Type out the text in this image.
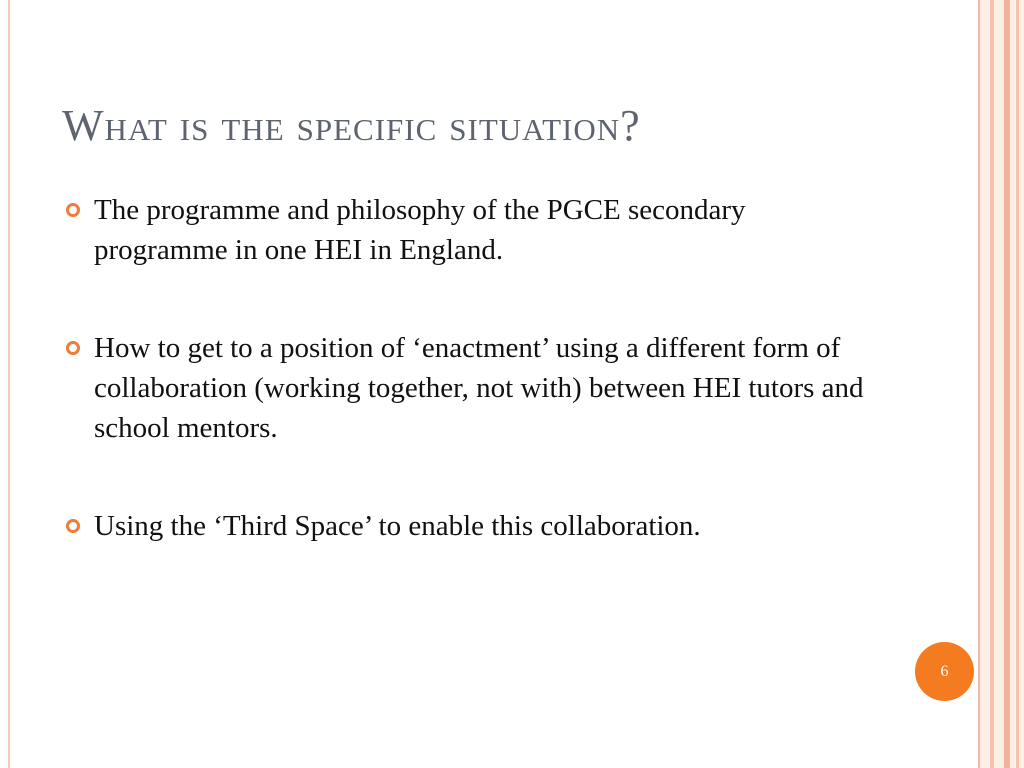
What is the specific situation?
The programme and philosophy of the PGCE secondary programme in one HEI in England.
How to get to a position of ‘enactment’ using a different form of collaboration (working together, not with) between HEI tutors and school mentors.
Using the ‘Third Space’ to enable this collaboration.
6
